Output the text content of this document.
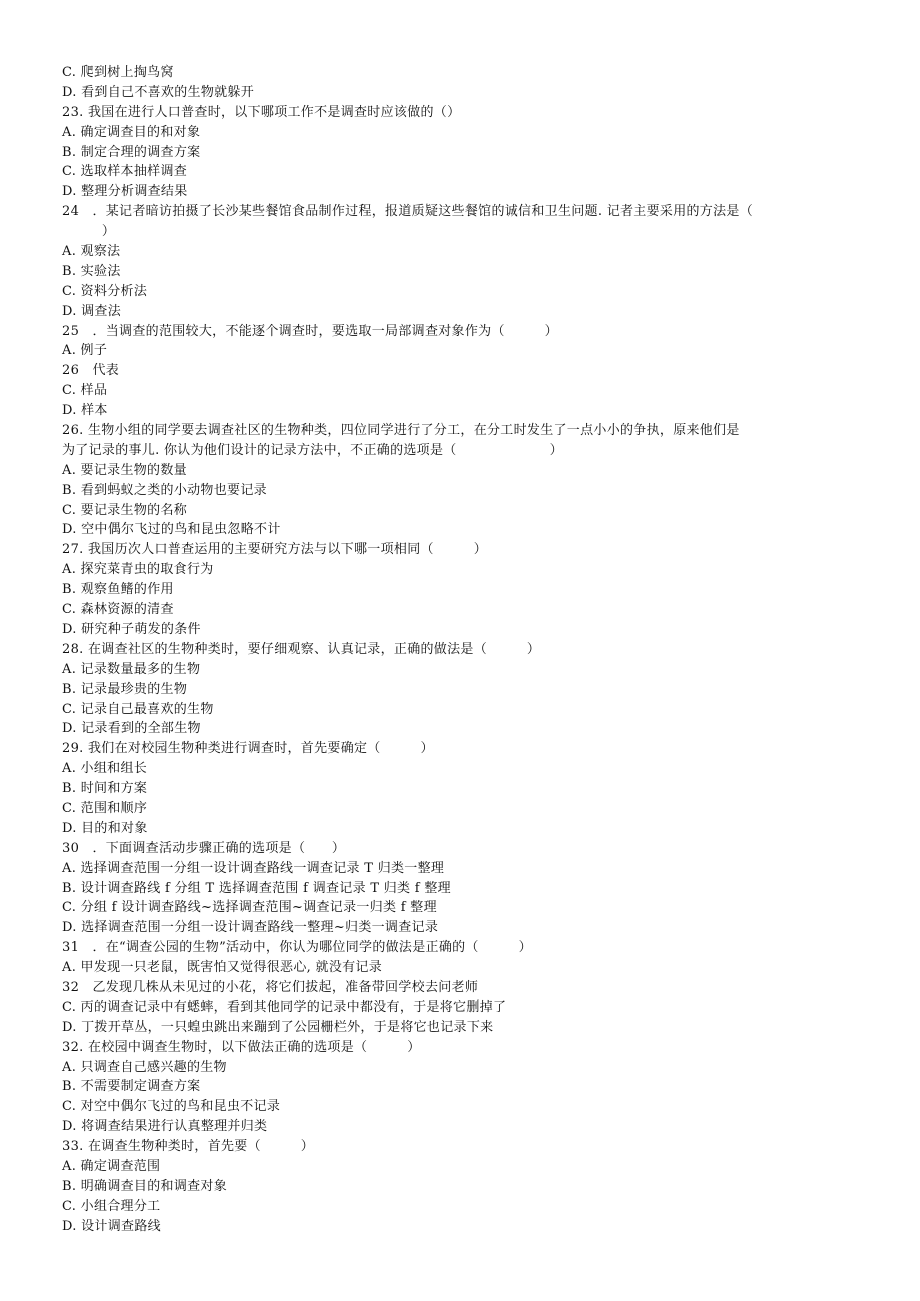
C. 爬到树上掏鸟窝
D. 看到自己不喜欢的生物就躲开
23. 我国在进行人口普查时，以下哪项工作不是调查时应该做的（）
A. 确定调查目的和对象
B. 制定合理的调查方案
C. 选取样本抽样调查
D. 整理分析调查结果
24　．某记者暗访拍摄了长沙某些餐馆食品制作过程，报道质疑这些餐馆的诚信和卫生问题. 记者主要采用的方法是（
　　　）
A. 观察法
B. 实验法
C. 资料分析法
D. 调查法
25　．当调查的范围较大，不能逐个调查时，要选取一局部调查对象作为（　　　）
A. 例子
26　代表
C. 样品
D. 样本
26. 生物小组的同学要去调查社区的生物种类，四位同学进行了分工，在分工时发生了一点小小的争执，原来他们是
为了记录的事儿. 你认为他们设计的记录方法中，不正确的选项是（　　　　　　　）
A. 要记录生物的数量
B. 看到蚂蚁之类的小动物也要记录
C. 要记录生物的名称
D. 空中偶尔飞过的鸟和昆虫忽略不计
27. 我国历次人口普查运用的主要研究方法与以下哪一项相同（　　　）
A. 探究菜青虫的取食行为
B. 观察鱼鳍的作用
C. 森林资源的清查
D. 研究种子萌发的条件
28. 在调查社区的生物种类时，要仔细观察、认真记录，正确的做法是（　　　）
A. 记录数量最多的生物
B. 记录最珍贵的生物
C. 记录自己最喜欢的生物
D. 记录看到的全部生物
29. 我们在对校园生物种类进行调查时，首先要确定（　　　）
A. 小组和组长
B. 时间和方案
C. 范围和顺序
D. 目的和对象
30　．下面调查活动步骤正确的选项是（　　）
A. 选择调查范围一分组一设计调查路线一调查记录 T 归类一整理
B. 设计调查路线 f 分组 T 选择调查范围 f 调查记录 T 归类 f 整理
C. 分组 f 设计调查路线~选择调查范围~调查记录一归类 f 整理
D. 选择调查范围一分组一设计调查路线一整理~归类一调查记录
31　．在“调查公园的生物”活动中，你认为哪位同学的做法是正确的（　　　）
A. 甲发现一只老鼠，既害怕又觉得很恶心, 就没有记录
32　乙发现几株从未见过的小花，将它们拔起，准备带回学校去问老师
C. 丙的调查记录中有蟋蟀，看到其他同学的记录中都没有，于是将它删掉了
D. 丁拨开草丛，一只蝗虫跳出来蹦到了公园栅栏外，于是将它也记录下来
32. 在校园中调查生物时，以下做法正确的选项是（　　　）
A. 只调查自己感兴趣的生物
B. 不需要制定调查方案
C. 对空中偶尔飞过的鸟和昆虫不记录
D. 将调查结果进行认真整理并归类
33. 在调查生物种类时，首先要（　　　）
A. 确定调查范围
B. 明确调查目的和调查对象
C. 小组合理分工
D. 设计调查路线
